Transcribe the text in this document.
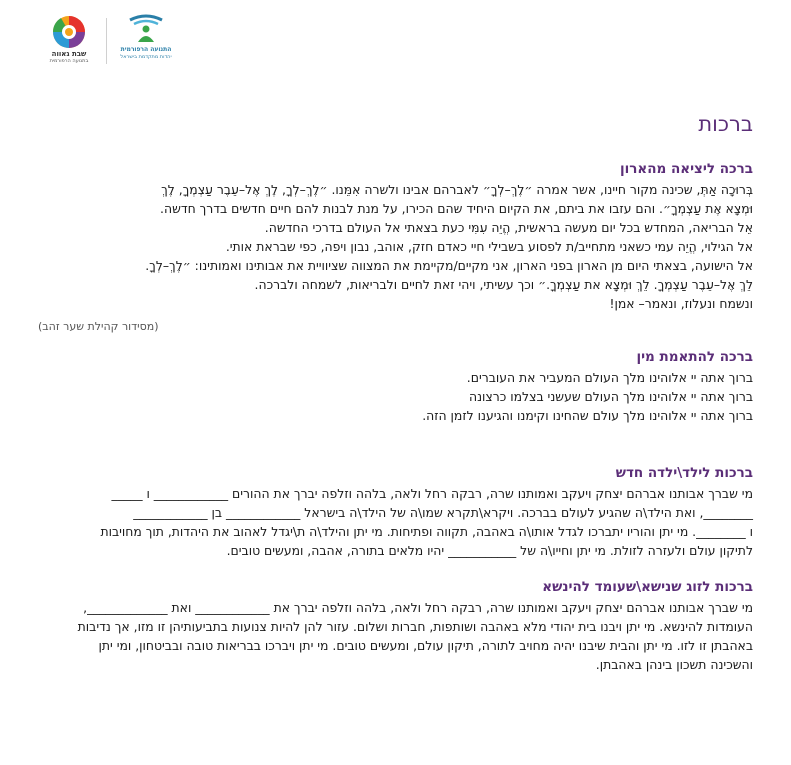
שבת גאווה
בתנועה הרפורמית
התנועה הרפורמית
יהדות מתקדמת בישראל
ברכות
ברכה ליציאה מהארון
בְּרוּכָה אַתְּ, שכינה מקור חיינו, אשר אמרה ״לֶךְ–לְךָ״ לאברהם אבינו ולשרה אִמֵּנו. ״לֶךְ–לְךָ, לֶךְ אֶל–עֵבֶר עַצְמְךָ, לֶךְ
וּמְצָא אֶת עַצְמְךָ״. והם עזבו את ביתם, את הקיום היחיד שהם הכירו, על מנת לבנות להם חיים חדשים בדרך חדשה.
אֵל הבריאה, המחדש בכל יום מעשה בראשית, הֱיֵה עִמִּי כעת בצאתי אל העולם בדרכי החדשה.
אל הגילוי, הֱיֵה עמי כשאני מתחייב/ת לפסוע בשבילי חיי כאדם חזק, אוהב, נבון ויפה, כפי שבראת אותי.
אל הישועה, בצאתי היום מן הארון בפני הארון, אני מקיים/מקיימת את המצווה שציוויית את אבותינו ואמותינו: ״לֶךְ–לְךָ.
לֵךְ אֶל–עֵבֶר עַצְמְךָ. לֵךְ וּמְצָא את עַצְמְךָ.״ וכך עשיתי, ויהי זאת לחיים ולבריאות, לשמחה ולברכה.
ונשמח ונעלוז, ונאמר– אמן!
(מסידור קהילת שער זהב)
ברכה להתאמת מין
ברוך אתה יי אלוהינו מלך העולם המעביר את העוברים.
ברוך אתה יי אלוהינו מלך העולם שעשני בצלמו כרצונה
ברוך אתה יי אלוהינו מלך עולם שהחינו וקימנו והגיענו לזמן הזה.
ברכות לילד\ילדה חדש
מי שברך אבותנו אברהם יצחק ויעקב ואמותנו שרה, רבקה רחל ולאה, בלהה וזלפה יברך את ההורים ____________ ו _____
________, ואת הילד\ה שהגיע לעולם בברכה. ויקרא\תקרא שמו\ה של הילד\ה בישראל ____________ בן ____________
ו ________. מי יתן והוריו יתברכו לגדל אותו\ה באהבה, תקווה ופתיחות. מי יתן והילד\ה ת\יגדל לאהוב את היהדות, תוך מחויבות
לתיקון עולם ולעזרה לזולת. מי יתן וחייו\ה של ___________ יהיו מלאים בתורה, אהבה, ומעשים טובים.
ברכות לזוג שנישא\שעומד להינשא
מי שברך אבותנו אברהם יצחק ויעקב ואמותנו שרה, רבקה רחל ולאה, בלהה וזלפה יברך את ____________ ואת _____________,
העומדות להינשא. מי יתן ויבנו בית יהודי מלא באהבה ושותפות, חברות ושלום. עזור להן להיות צנועות בתביעותיהן זו מזו, אך נדיבות
באהבתן זו לזו. מי יתן והבית שיבנו יהיה מחויב לתורה, תיקון עולם, ומעשים טובים. מי יתן ויברכו בבריאות טובה ובביטחון, ומי יתן
והשכינה תשכון בינהן באהבתן.
